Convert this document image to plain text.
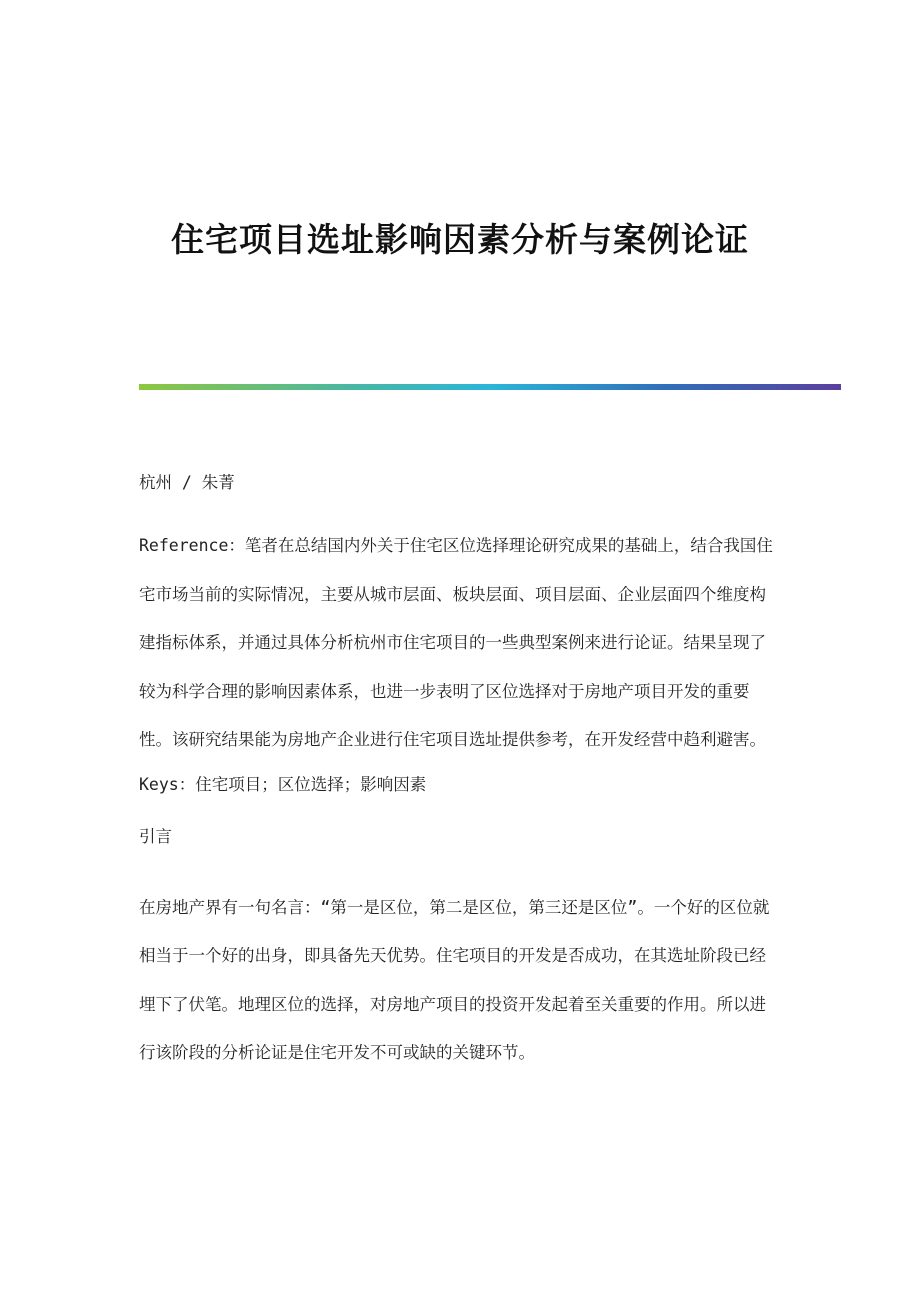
住宅项目选址影响因素分析与案例论证

杭州 / 朱菁

Reference：笔者在总结国内外关于住宅区位选择理论研究成果的基础上，结合我国住宅市场当前的实际情况，主要从城市层面、板块层面、项目层面、企业层面四个维度构建指标体系，并通过具体分析杭州市住宅项目的一些典型案例来进行论证。结果呈现了较为科学合理的影响因素体系，也进一步表明了区位选择对于房地产项目开发的重要性。该研究结果能为房地产企业进行住宅项目选址提供参考，在开发经营中趋利避害。

Keys：住宅项目；区位选择；影响因素

引言

在房地产界有一句名言：“第一是区位，第二是区位，第三还是区位”。一个好的区位就相当于一个好的出身，即具备先天优势。住宅项目的开发是否成功，在其选址阶段已经埋下了伏笔。地理区位的选择，对房地产项目的投资开发起着至关重要的作用。所以进行该阶段的分析论证是住宅开发不可或缺的关键环节。
